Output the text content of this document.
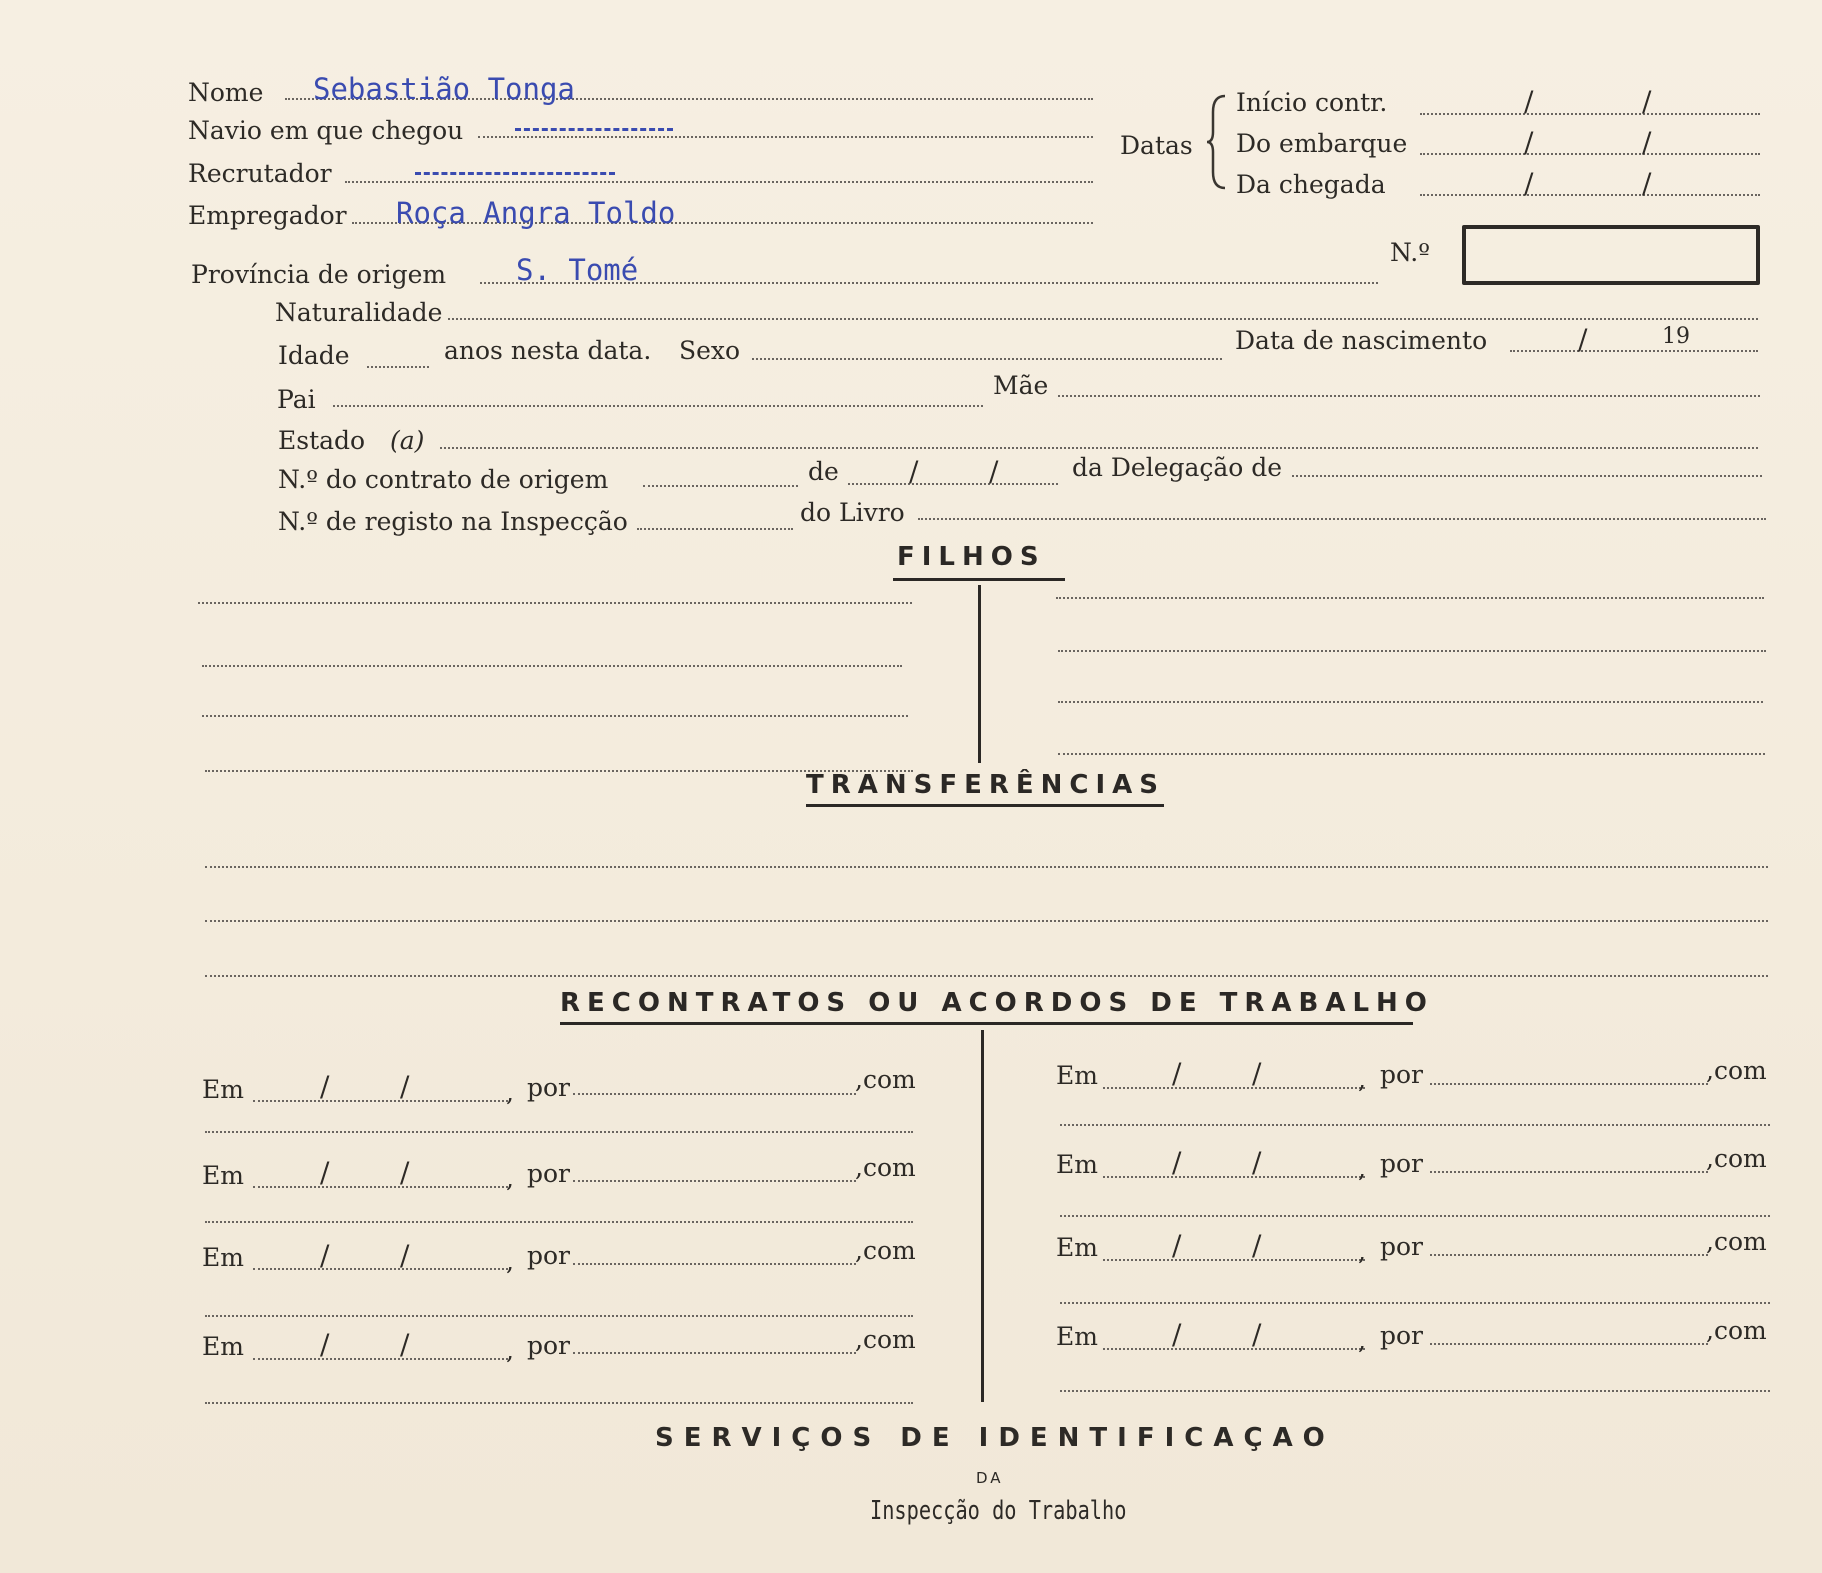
Nome Sebastião Tonga
Navio em que chegou
Recrutador
Empregador Roça Angra Toldo
Província de origem S. Tomé
Datas
Início contr.	/	/
Do embarque	/	/
Da chegada	/	/
N.º
Naturalidade
Idade	anos nesta data. Sexo	Data de nascimento	/	19
Pai	Mãe
Estado (a)
N.º do contrato de origem	de	/	/	da Delegação de
N.º de registo na Inspecção	do Livro
FILHOS
TRANSFERÊNCIAS
RECONTRATOS OU ACORDOS DE TRABALHO
Em	/	/	, por	,com
Em	/	/	, por	,com
Em	/	/	, por	,com
Em	/	/	, por	,com
Em	/	/	, por	,com
Em	/	/	, por	,com
Em	/	/	, por	,com
Em	/	/	, por	,com
SERVIÇOS DE IDENTIFICAÇAO
DA
Inspecção do Trabalho
